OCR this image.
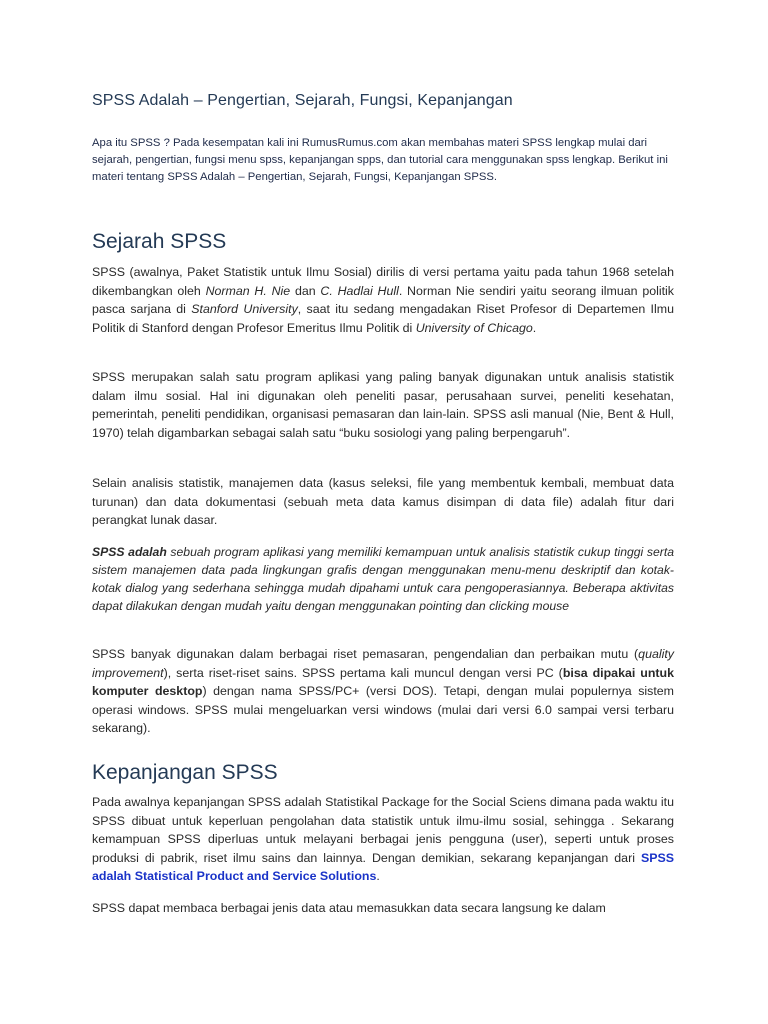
SPSS Adalah – Pengertian, Sejarah, Fungsi, Kepanjangan

Apa itu SPSS ? Pada kesempatan kali ini RumusRumus.com akan membahas materi SPSS lengkap mulai dari sejarah, pengertian, fungsi menu spss, kepanjangan spps, dan tutorial cara menggunakan spss lengkap. Berikut ini materi tentang SPSS Adalah – Pengertian, Sejarah, Fungsi, Kepanjangan SPSS.

Sejarah SPSS

SPSS (awalnya, Paket Statistik untuk Ilmu Sosial) dirilis di versi pertama yaitu pada tahun 1968 setelah dikembangkan oleh Norman H. Nie dan C. Hadlai Hull. Norman Nie sendiri yaitu seorang ilmuan politik pasca sarjana di Stanford University, saat itu sedang mengadakan Riset Profesor di Departemen Ilmu Politik di Stanford dengan Profesor Emeritus Ilmu Politik di University of Chicago.

SPSS merupakan salah satu program aplikasi yang paling banyak digunakan untuk analisis statistik dalam ilmu sosial. Hal ini digunakan oleh peneliti pasar, perusahaan survei, peneliti kesehatan, pemerintah, peneliti pendidikan, organisasi pemasaran dan lain-lain. SPSS asli manual (Nie, Bent & Hull, 1970) telah digambarkan sebagai salah satu “buku sosiologi yang paling berpengaruh”.

Selain analisis statistik, manajemen data (kasus seleksi, file yang membentuk kembali, membuat data turunan) dan data dokumentasi (sebuah meta data kamus disimpan di data file) adalah fitur dari perangkat lunak dasar.

SPSS adalah sebuah program aplikasi yang memiliki kemampuan untuk analisis statistik cukup tinggi serta sistem manajemen data pada lingkungan grafis dengan menggunakan menu-menu deskriptif dan kotak-kotak dialog yang sederhana sehingga mudah dipahami untuk cara pengoperasiannya. Beberapa aktivitas dapat dilakukan dengan mudah yaitu dengan menggunakan pointing dan clicking mouse

SPSS banyak digunakan dalam berbagai riset pemasaran, pengendalian dan perbaikan mutu (quality improvement), serta riset-riset sains. SPSS pertama kali muncul dengan versi PC (bisa dipakai untuk komputer desktop) dengan nama SPSS/PC+ (versi DOS). Tetapi, dengan mulai populernya sistem operasi windows. SPSS mulai mengeluarkan versi windows (mulai dari versi 6.0 sampai versi terbaru sekarang).

Kepanjangan SPSS

Pada awalnya kepanjangan SPSS adalah Statistikal Package for the Social Sciens dimana pada waktu itu SPSS dibuat untuk keperluan pengolahan data statistik untuk ilmu-ilmu sosial, sehingga . Sekarang kemampuan SPSS diperluas untuk melayani berbagai jenis pengguna (user), seperti untuk proses produksi di pabrik, riset ilmu sains dan lainnya. Dengan demikian, sekarang kepanjangan dari SPSS adalah Statistical Product and Service Solutions.

SPSS dapat membaca berbagai jenis data atau memasukkan data secara langsung ke dalam
